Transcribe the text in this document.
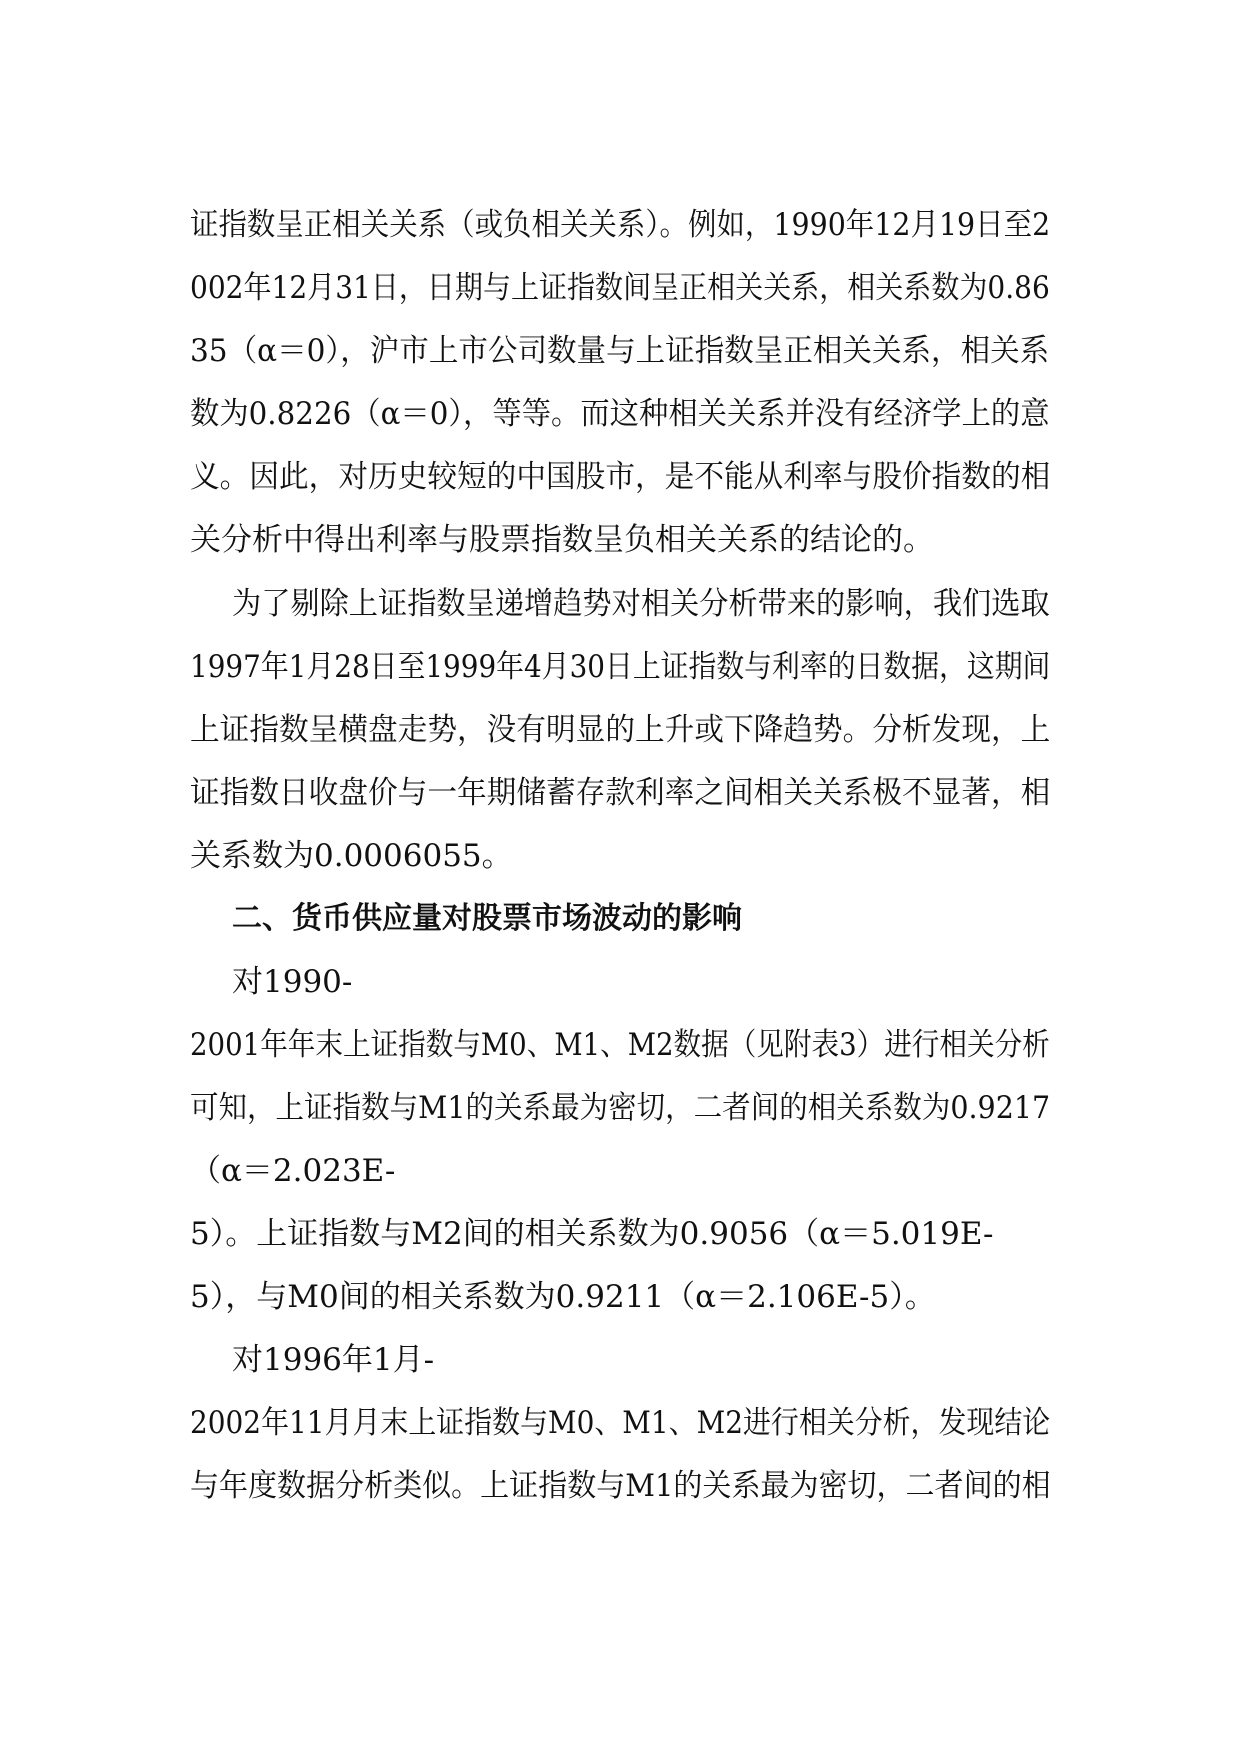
证指数呈正相关关系（或负相关关系）。例如，1990年12月19日至2
002年12月31日，日期与上证指数间呈正相关关系，相关系数为0.86
35（α＝0），沪市上市公司数量与上证指数呈正相关关系，相关系
数为0.8226（α＝0），等等。而这种相关关系并没有经济学上的意
义。因此，对历史较短的中国股市，是不能从利率与股价指数的相
关分析中得出利率与股票指数呈负相关关系的结论的。
为了剔除上证指数呈递增趋势对相关分析带来的影响，我们选取
1997年1月28日至1999年4月30日上证指数与利率的日数据，这期间
上证指数呈横盘走势，没有明显的上升或下降趋势。分析发现，上
证指数日收盘价与一年期储蓄存款利率之间相关关系极不显著，相
关系数为0.0006055。
二、货币供应量对股票市场波动的影响
对1990-
2001年年末上证指数与M0、M1、M2数据（见附表3）进行相关分析
可知，上证指数与M1的关系最为密切，二者间的相关系数为0.9217
（α＝2.023E-
5）。上证指数与M2间的相关系数为0.9056（α＝5.019E-
5），与M0间的相关系数为0.9211（α＝2.106E-5）。
对1996年1月-
2002年11月月末上证指数与M0、M1、M2进行相关分析，发现结论
与年度数据分析类似。上证指数与M1的关系最为密切，二者间的相
